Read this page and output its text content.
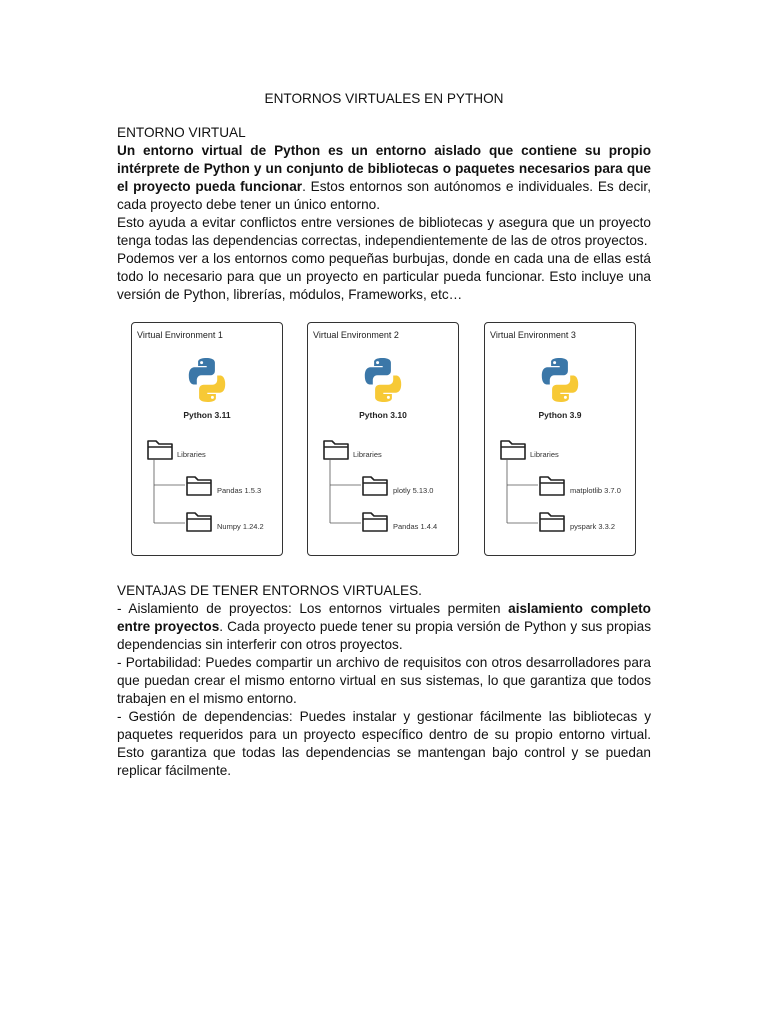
ENTORNOS VIRTUALES EN PYTHON

ENTORNO VIRTUAL

Un entorno virtual de Python es un entorno aislado que contiene su propio intérprete de Python y un conjunto de bibliotecas o paquetes necesarios para que el proyecto pueda funcionar. Estos entornos son autónomos e individuales. Es decir, cada proyecto debe tener un único entorno.

Esto ayuda a evitar conflictos entre versiones de bibliotecas y asegura que un proyecto tenga todas las dependencias correctas, independientemente de las de otros proyectos.

Podemos ver a los entornos como pequeñas burbujas, donde en cada una de ellas está todo lo necesario para que un proyecto en particular pueda funcionar. Esto incluye una versión de Python, librerías, módulos, Frameworks, etc…

Virtual Environment 1
Python 3.11
Libraries
Pandas 1.5.3
Numpy 1.24.2
Virtual Environment 2
Python 3.10
Libraries
plotly 5.13.0
Pandas 1.4.4
Virtual Environment 3
Python 3.9
Libraries
matplotlib 3.7.0
pyspark 3.3.2

VENTAJAS DE TENER ENTORNOS VIRTUALES.

- Aislamiento de proyectos: Los entornos virtuales permiten aislamiento completo entre proyectos. Cada proyecto puede tener su propia versión de Python y sus propias dependencias sin interferir con otros proyectos.

- Portabilidad: Puedes compartir un archivo de requisitos con otros desarrolladores para que puedan crear el mismo entorno virtual en sus sistemas, lo que garantiza que todos trabajen en el mismo entorno.

- Gestión de dependencias: Puedes instalar y gestionar fácilmente las bibliotecas y paquetes requeridos para un proyecto específico dentro de su propio entorno virtual. Esto garantiza que todas las dependencias se mantengan bajo control y se puedan replicar fácilmente.
